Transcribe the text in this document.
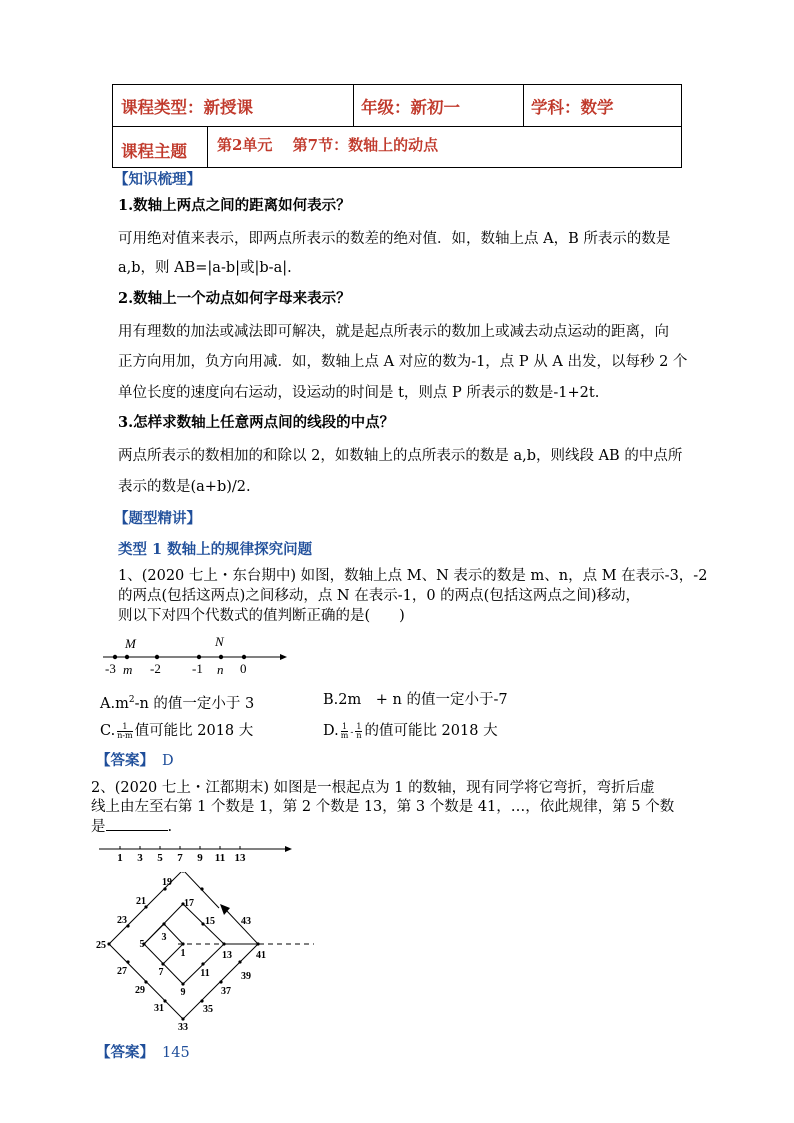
课程类型：新授课	年级：新初一	学科：数学
课程主题 第2单元　 第7节：数轴上的动点
【知识梳理】
1.数轴上两点之间的距离如何表示？
可用绝对值来表示，即两点所表示的数差的绝对值．如，数轴上点 A，B 所表示的数是
a,b，则 AB=|a-b|或|b-a|.
2.数轴上一个动点如何字母来表示？
用有理数的加法或减法即可解决，就是起点所表示的数加上或减去动点运动的距离，向
正方向用加，负方向用减．如，数轴上点 A 对应的数为-1，点 P 从 A 出发，以每秒 2 个
单位长度的速度向右运动，设运动的时间是 t，则点 P 所表示的数是-1+2t.
3.怎样求数轴上任意两点间的线段的中点？
两点所表示的数相加的和除以 2，如数轴上的点所表示的数是 a,b，则线段 AB 的中点所
表示的数是(a+b)/2.
【题型精讲】
类型 1 数轴上的规律探究问题
1、(2020 七上・东台期中) 如图，数轴上点 M、N 表示的数是 m、n，点 M 在表示-3，-2
的两点(包括这两点)之间移动，点 N 在表示-1，0 的两点(包括这两点之间)移动，
则以下对四个代数式的值判断正确的是(　　)
M	N
-3 m -2 -1 n 0
$A.m^2-n$ 的值一定小于 3	B.2m　+ n 的值一定小于-7
C. $\frac{1}{n-m}$ 值可能比 2018 大	D. $\frac{1}{m} - \frac{1}{n}$ 的值可能比 2018 大
【答案】 D
2、(2020 七上・江都期末) 如图是一根起点为 1 的数轴，现有同学将它弯折，弯折后虚
线上由左至右第 1 个数是 1，第 2 个数是 13，第 3 个数是 41，…，依此规律，第 5 个数
是	.
1 3 5 7 9 11 13
19
21	17
23	15	43
25	5
3
1	13 41
27	7	11	39
29	9	37
31	35
33
【答案】 145
